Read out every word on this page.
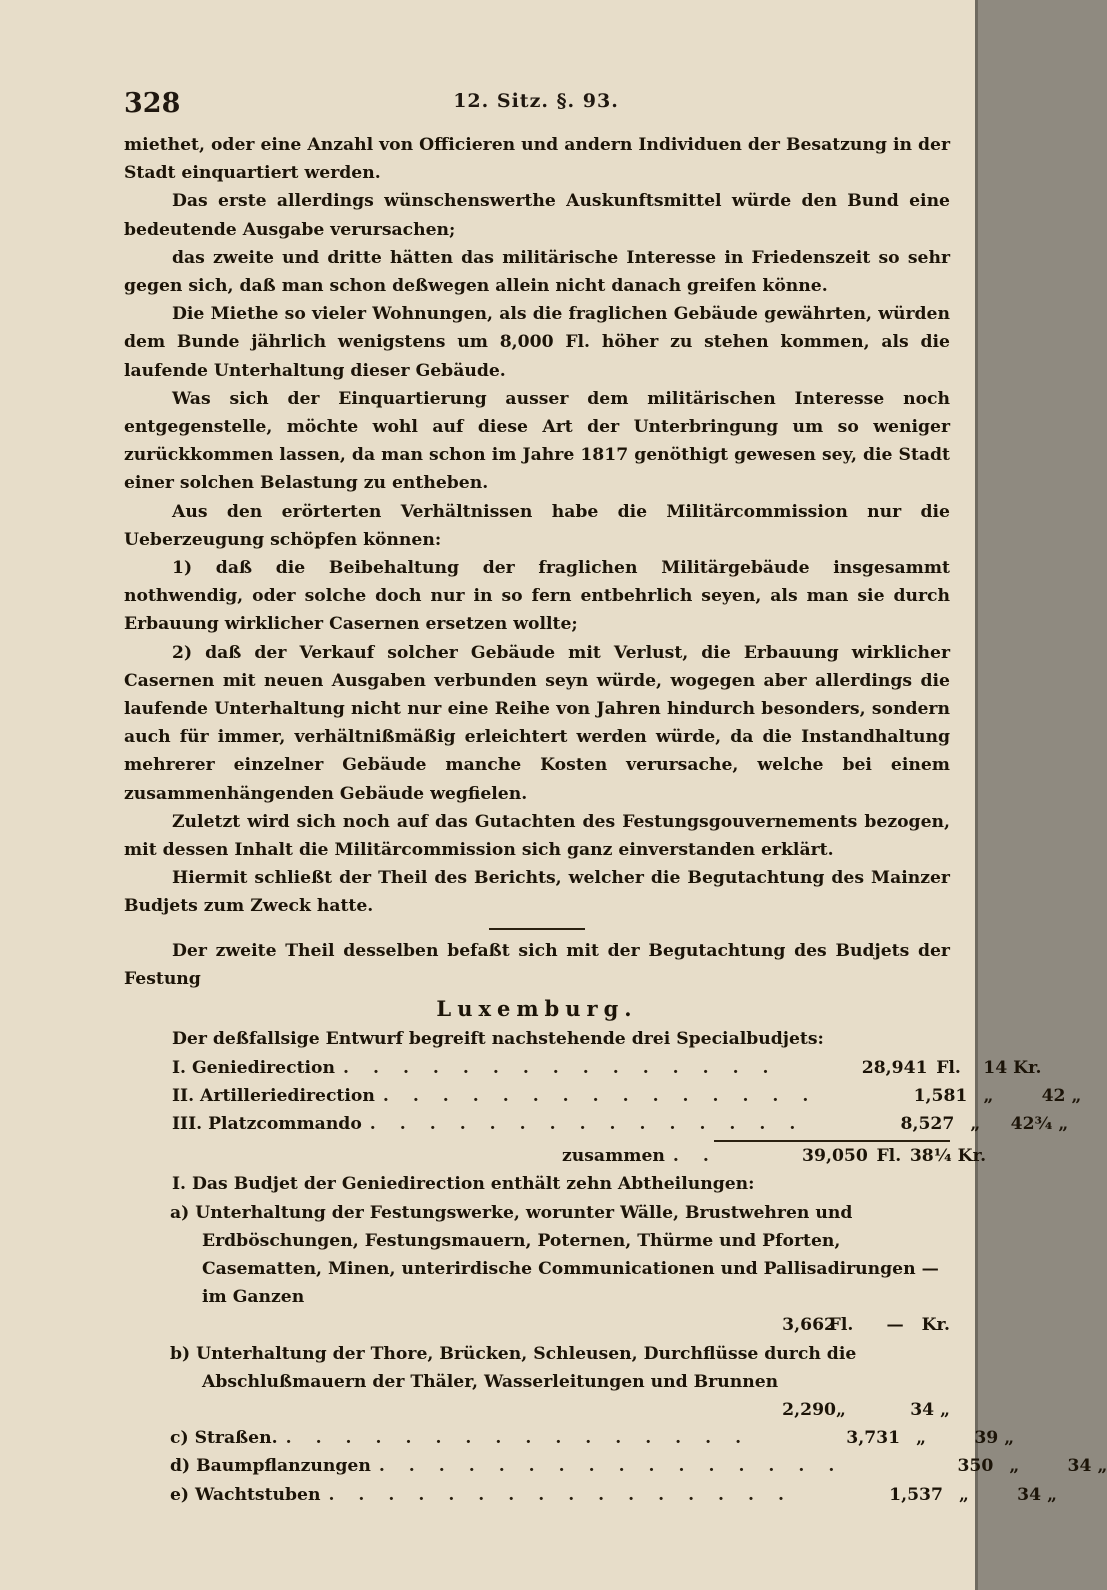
328	12. Sitz. §. 93.

miethet, oder eine Anzahl von Officieren und andern Individuen der Besatzung in der Stadt einquartiert werden.

Das erste allerdings wünschenswerthe Auskunftsmittel würde den Bund eine bedeutende Ausgabe verursachen;

das zweite und dritte hätten das militärische Interesse in Friedenszeit so sehr gegen sich, daß man schon deßwegen allein nicht danach greifen könne.

Die Miethe so vieler Wohnungen, als die fraglichen Gebäude gewährten, würden dem Bunde jährlich wenigstens um 8,000 Fl. höher zu stehen kommen, als die laufende Unterhaltung dieser Gebäude.

Was sich der Einquartierung ausser dem militärischen Interesse noch entgegenstelle, möchte wohl auf diese Art der Unterbringung um so weniger zurückkommen lassen, da man schon im Jahre 1817 genöthigt gewesen sey, die Stadt einer solchen Belastung zu entheben.

Aus den erörterten Verhältnissen habe die Militärcommission nur die Ueberzeugung schöpfen können:

1) daß die Beibehaltung der fraglichen Militärgebäude insgesammt nothwendig, oder solche doch nur in so fern entbehrlich seyen, als man sie durch Erbauung wirklicher Casernen ersetzen wollte;

2) daß der Verkauf solcher Gebäude mit Verlust, die Erbauung wirklicher Casernen mit neuen Ausgaben verbunden seyn würde, wogegen aber allerdings die laufende Unterhaltung nicht nur eine Reihe von Jahren hindurch besonders, sondern auch für immer, verhältnißmäßig erleichtert werden würde, da die Instandhaltung mehrerer einzelner Gebäude manche Kosten verursache, welche bei einem zusammenhängenden Gebäude wegfielen.

Zuletzt wird sich noch auf das Gutachten des Festungsgouvernements bezogen, mit dessen Inhalt die Militärcommission sich ganz einverstanden erklärt.

Hiermit schließt der Theil des Berichts, welcher die Begutachtung des Mainzer Budjets zum Zweck hatte.

Der zweite Theil desselben befaßt sich mit der Begutachtung des Budjets der Festung

Luxemburg.

Der deßfallsige Entwurf begreift nachstehende drei Specialbudjets:

I. Geniedirection . . . . . . . . . . . . . . .	28,941 Fl.	14 Kr.
II. Artilleriedirection . . . . . . . . . . . . . . .	1,581 „	42 „
III. Platzcommando . . . . . . . . . . . . . . .	8,527 „	42¾ „
zusammen . .	39,050 Fl. 38¼ Kr.

I. Das Budjet der Geniedirection enthält zehn Abtheilungen:

a) Unterhaltung der Festungswerke, worunter Wälle, Brustwehren und Erdböschungen, Festungsmauern, Poternen, Thürme und Pforten, Casematten, Minen, unterirdische Communicationen und Pallisadirungen — im Ganzen
3,662
Fl.	— Kr.
b) Unterhaltung der Thore, Brücken, Schleusen, Durchflüsse durch die Abschlußmauern der Thäler, Wasserleitungen und Brunnen
2,290 „	34 „
c) Straßen. . . . . . . . . . . . . . . . .	3,731 „	39 „
d) Baumpflanzungen . . . . . . . . . . . . . . . .	350 „	34 „
e) Wachtstuben . . . . . . . . . . . . . . . .	1,537 „	34 „
